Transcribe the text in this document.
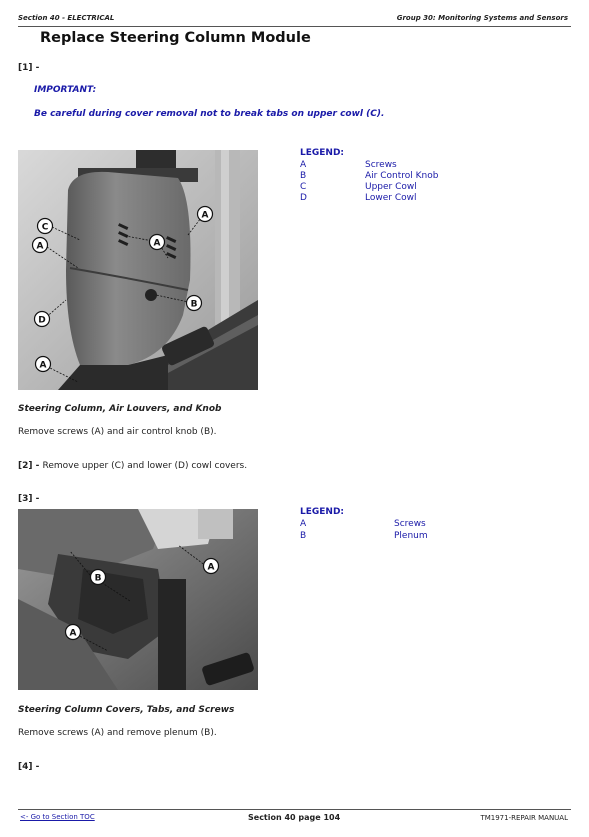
Section 40 - ELECTRICAL	Group 30: Monitoring Systems and Sensors
Replace Steering Column Module
[1] -
IMPORTANT:
Be careful during cover removal not to break tabs on upper cowl (C).
C
A	A
A
B
D
A
LEGEND:
A	Screws
B	Air Control Knob
C	Upper Cowl
D	Lower Cowl
Steering Column, Air Louvers, and Knob
Remove screws (A) and air control knob (B).
[2] - Remove upper (C) and lower (D) cowl covers.
[3] -
B
A
A
LEGEND:
A	Screws
B	Plenum
Steering Column Covers, Tabs, and Screws
Remove screws (A) and remove plenum (B).
[4] -
<- Go to Section TOC	Section 40 page 104	TM1971-REPAIR MANUAL
